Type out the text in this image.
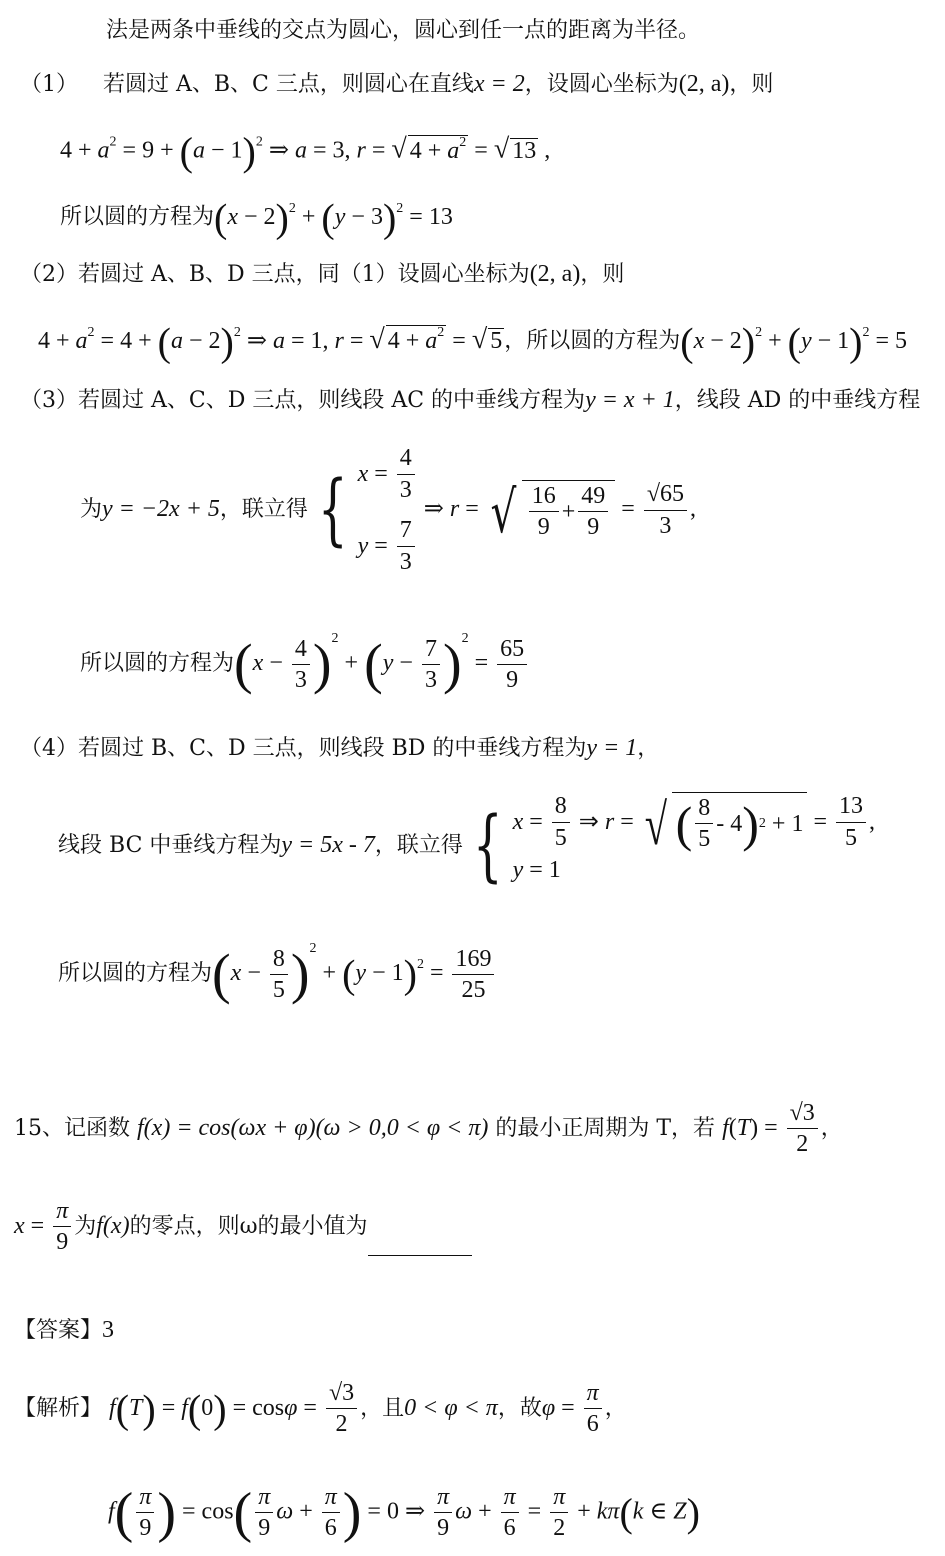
法是两条中垂线的交点为圆心，圆心到任一点的距离为半径。
（1） 若圆过 A、B、C 三点，则圆心在直线x = 2，设圆心坐标为(2, a)，则
$4 + a^2 = 9 + (a - 1)^2$ ⇒ a = 3, r = √ $4 + a^2$ = √ 13 ,
所以圆的方程为$(x - 2)^2 + (y - 3)^2 = 13$
（2）若圆过 A、B、D 三点，同（1）设圆心坐标为(2, a)，则
$4 + a^2 = 4 + (a - 2)^2$ ⇒ a = 1, r = √ $4 + a^2$ = √ 5，所以圆的方程为$(x - 2)^2 + (y - 1)^2 = 5$
（3）若圆过 A、C、D 三点，则线段 AC 的中垂线方程为y = x + 1，线段 AD 的中垂线方程
为y = −2x + 5，联立得 { $x = \frac{4}{3}$
$y = \frac{7}{3}$
⇒ r = √ $\frac{16}{9} + \frac{49}{9} = \frac{√65}{3}$ ,
所以圆的方程为$(x - \frac{4}{3} )^2 + (y - \frac{7}{3} )^2 = \frac{65}{9}$
（4）若圆过 B、C、D 三点，则线段 BD 的中垂线方程为y = 1，
线段 BC 中垂线方程为y = 5x - 7，联立得 { $x = \frac{8}{5}$ ⇒ r = √ ( $\frac{8}{5} - 4$ ) $2 + 1 = \frac{13}{5}$ ,
y = 1
所以圆的方程为$(x - \frac{8}{5} )^2 + (y - 1)^2 = \frac{169}{25}$
15、记函数 f(x) = cos(ωx + φ)(ω > 0,0 < φ < π) 的最小正周期为 T，若 $f(T) = \frac{√3}{2}$ ，
$x = \frac{\pi}{9}$ 为f(x)的零点，则ω的最小值为
【答案】3
【解析】 $f(T) = f(0) = \cos\varphi = \frac{√3}{2}$ ，且0 < φ < π，故$\varphi = \frac{\pi}{6}$ ，
$f( \frac{\pi}{9}$ ) = $\cos( \frac{\pi}{9}$ $\omega + \frac{\pi}{6}$ ) = 0 ⇒ $\frac{\pi}{9}$ $\omega + \frac{\pi}{6} = \frac{\pi}{2} + k\pi(k$ ∈ Z)
